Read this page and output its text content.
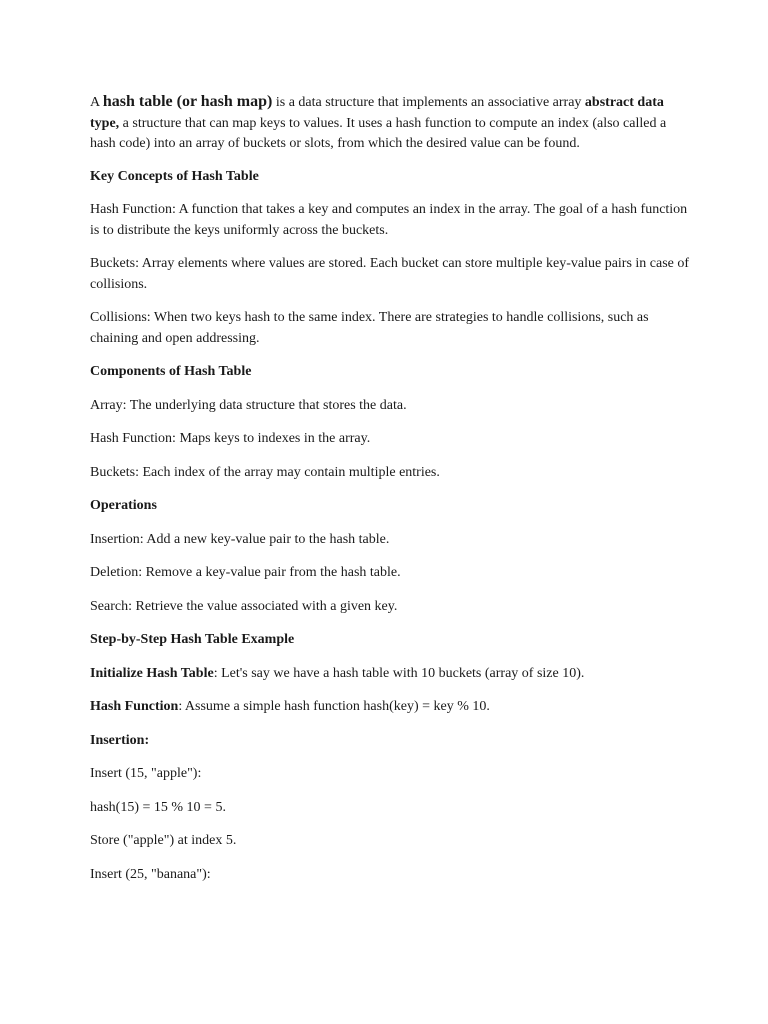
A hash table (or hash map) is a data structure that implements an associative array abstract data type, a structure that can map keys to values. It uses a hash function to compute an index (also called a hash code) into an array of buckets or slots, from which the desired value can be found.

Key Concepts of Hash Table

Hash Function: A function that takes a key and computes an index in the array. The goal of a hash function is to distribute the keys uniformly across the buckets.

Buckets: Array elements where values are stored. Each bucket can store multiple key-value pairs in case of collisions.

Collisions: When two keys hash to the same index. There are strategies to handle collisions, such as chaining and open addressing.

Components of Hash Table

Array: The underlying data structure that stores the data.

Hash Function: Maps keys to indexes in the array.

Buckets: Each index of the array may contain multiple entries.

Operations

Insertion: Add a new key-value pair to the hash table.

Deletion: Remove a key-value pair from the hash table.

Search: Retrieve the value associated with a given key.

Step-by-Step Hash Table Example

Initialize Hash Table: Let's say we have a hash table with 10 buckets (array of size 10).

Hash Function: Assume a simple hash function hash(key) = key % 10.

Insertion:

Insert (15, "apple"):

hash(15) = 15 % 10 = 5.

Store ("apple") at index 5.

Insert (25, "banana"):
